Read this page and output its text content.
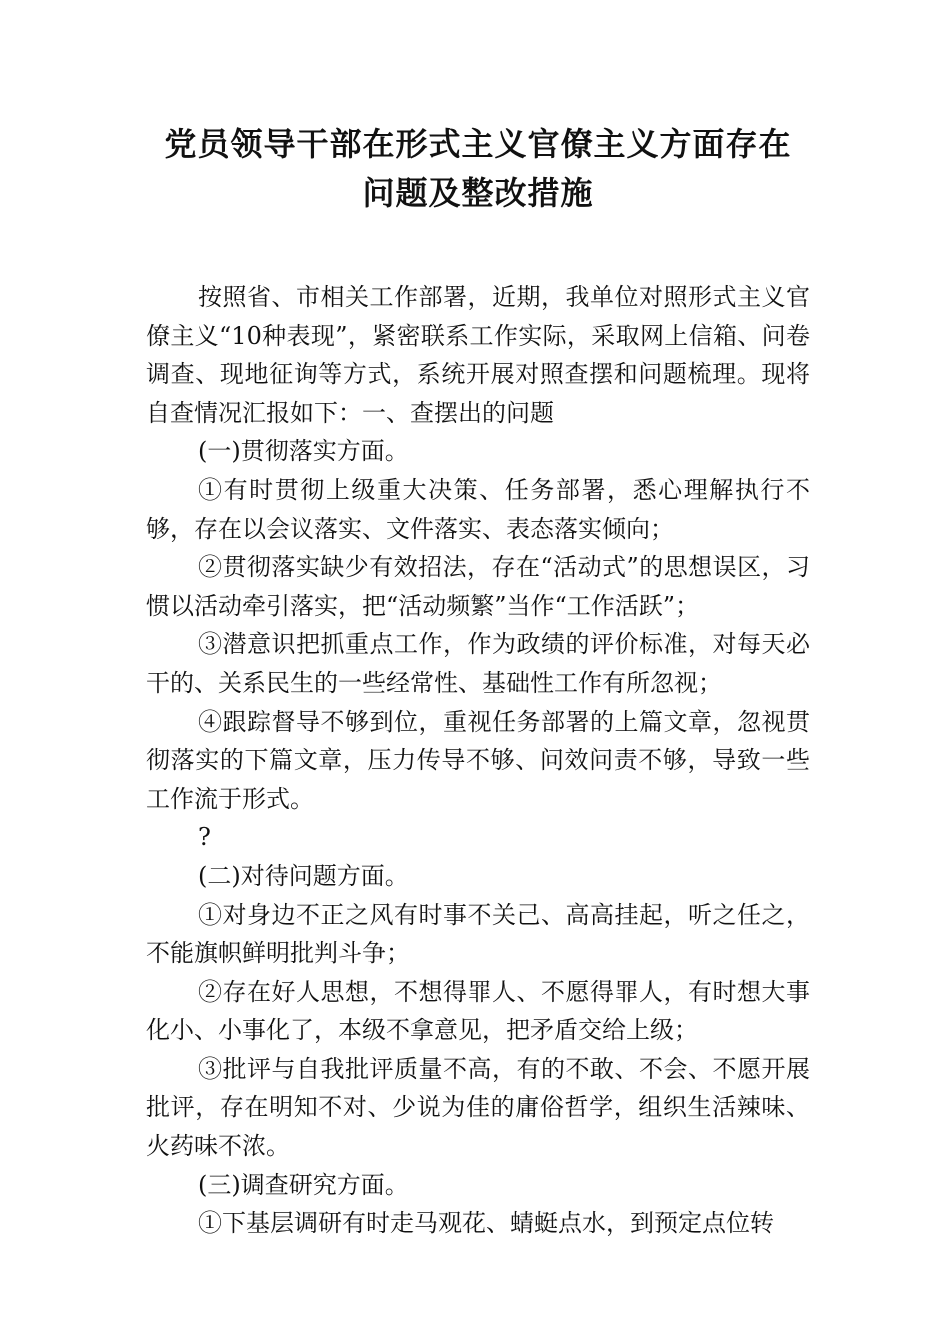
党员领导干部在形式主义官僚主义方面存在
问题及整改措施

按照省、市相关工作部署，近期，我单位对照形式主义官僚主义“10种表现”，紧密联系工作实际，采取网上信箱、问卷调查、现地征询等方式，系统开展对照查摆和问题梳理。现将自查情况汇报如下：一、查摆出的问题

(一)贯彻落实方面。

①有时贯彻上级重大决策、任务部署，悉心理解执行不够，存在以会议落实、文件落实、表态落实倾向；

②贯彻落实缺少有效招法，存在“活动式”的思想误区，习惯以活动牵引落实，把“活动频繁”当作“工作活跃”；

③潜意识把抓重点工作，作为政绩的评价标准，对每天必干的、关系民生的一些经常性、基础性工作有所忽视；

④跟踪督导不够到位，重视任务部署的上篇文章，忽视贯彻落实的下篇文章，压力传导不够、问效问责不够，导致一些工作流于形式。

?

(二)对待问题方面。

①对身边不正之风有时事不关己、高高挂起，听之任之，不能旗帜鲜明批判斗争；

②存在好人思想，不想得罪人、不愿得罪人，有时想大事化小、小事化了，本级不拿意见，把矛盾交给上级；

③批评与自我批评质量不高，有的不敢、不会、不愿开展批评，存在明知不对、少说为佳的庸俗哲学，组织生活辣味、火药味不浓。

(三)调查研究方面。

①下基层调研有时走马观花、蜻蜓点水，到预定点位转
